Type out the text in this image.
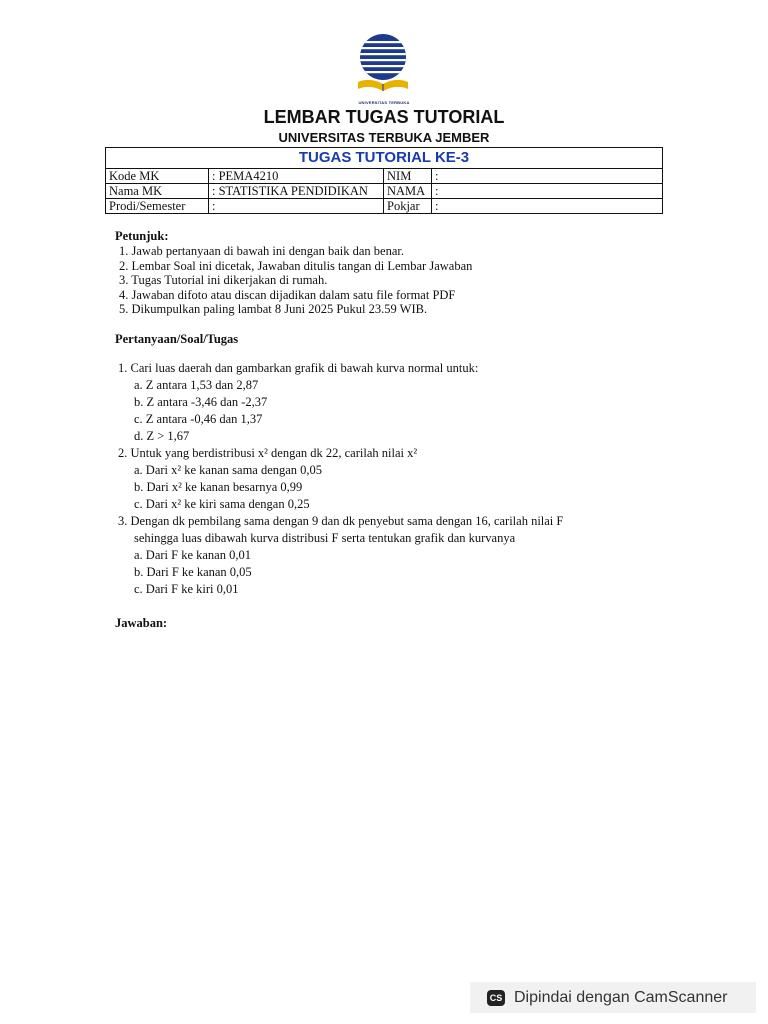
UNIVERSITAS TERBUKA
LEMBAR TUGAS TUTORIAL
UNIVERSITAS TERBUKA JEMBER
TUGAS TUTORIAL KE-3			
Kode MK	: PEMA4210	NIM	:
Nama MK	: STATISTIKA PENDIDIKAN	NAMA	:
Prodi/Semester	:	Pokjar	:
Petunjuk:
1. Jawab pertanyaan di bawah ini dengan baik dan benar.
2. Lembar Soal ini dicetak, Jawaban ditulis tangan di Lembar Jawaban
3. Tugas Tutorial ini dikerjakan di rumah.
4. Jawaban difoto atau discan dijadikan dalam satu file format PDF
5. Dikumpulkan paling lambat 8 Juni 2025 Pukul 23.59 WIB.
Pertanyaan/Soal/Tugas
1. Cari luas daerah dan gambarkan grafik di bawah kurva normal untuk:
a. Z antara 1,53 dan 2,87
b. Z antara -3,46 dan -2,37
c. Z antara -0,46 dan 1,37
d. Z > 1,67
2. Untuk yang berdistribusi x² dengan dk 22, carilah nilai x²
a. Dari x² ke kanan sama dengan 0,05
b. Dari x² ke kanan besarnya 0,99
c. Dari x² ke kiri sama dengan 0,25
3. Dengan dk pembilang sama dengan 9 dan dk penyebut sama dengan 16, carilah nilai F
sehingga luas dibawah kurva distribusi F serta tentukan grafik dan kurvanya
a. Dari F ke kanan 0,01
b. Dari F ke kanan 0,05
c. Dari F ke kiri 0,01
Jawaban:
CS Dipindai dengan CamScanner
